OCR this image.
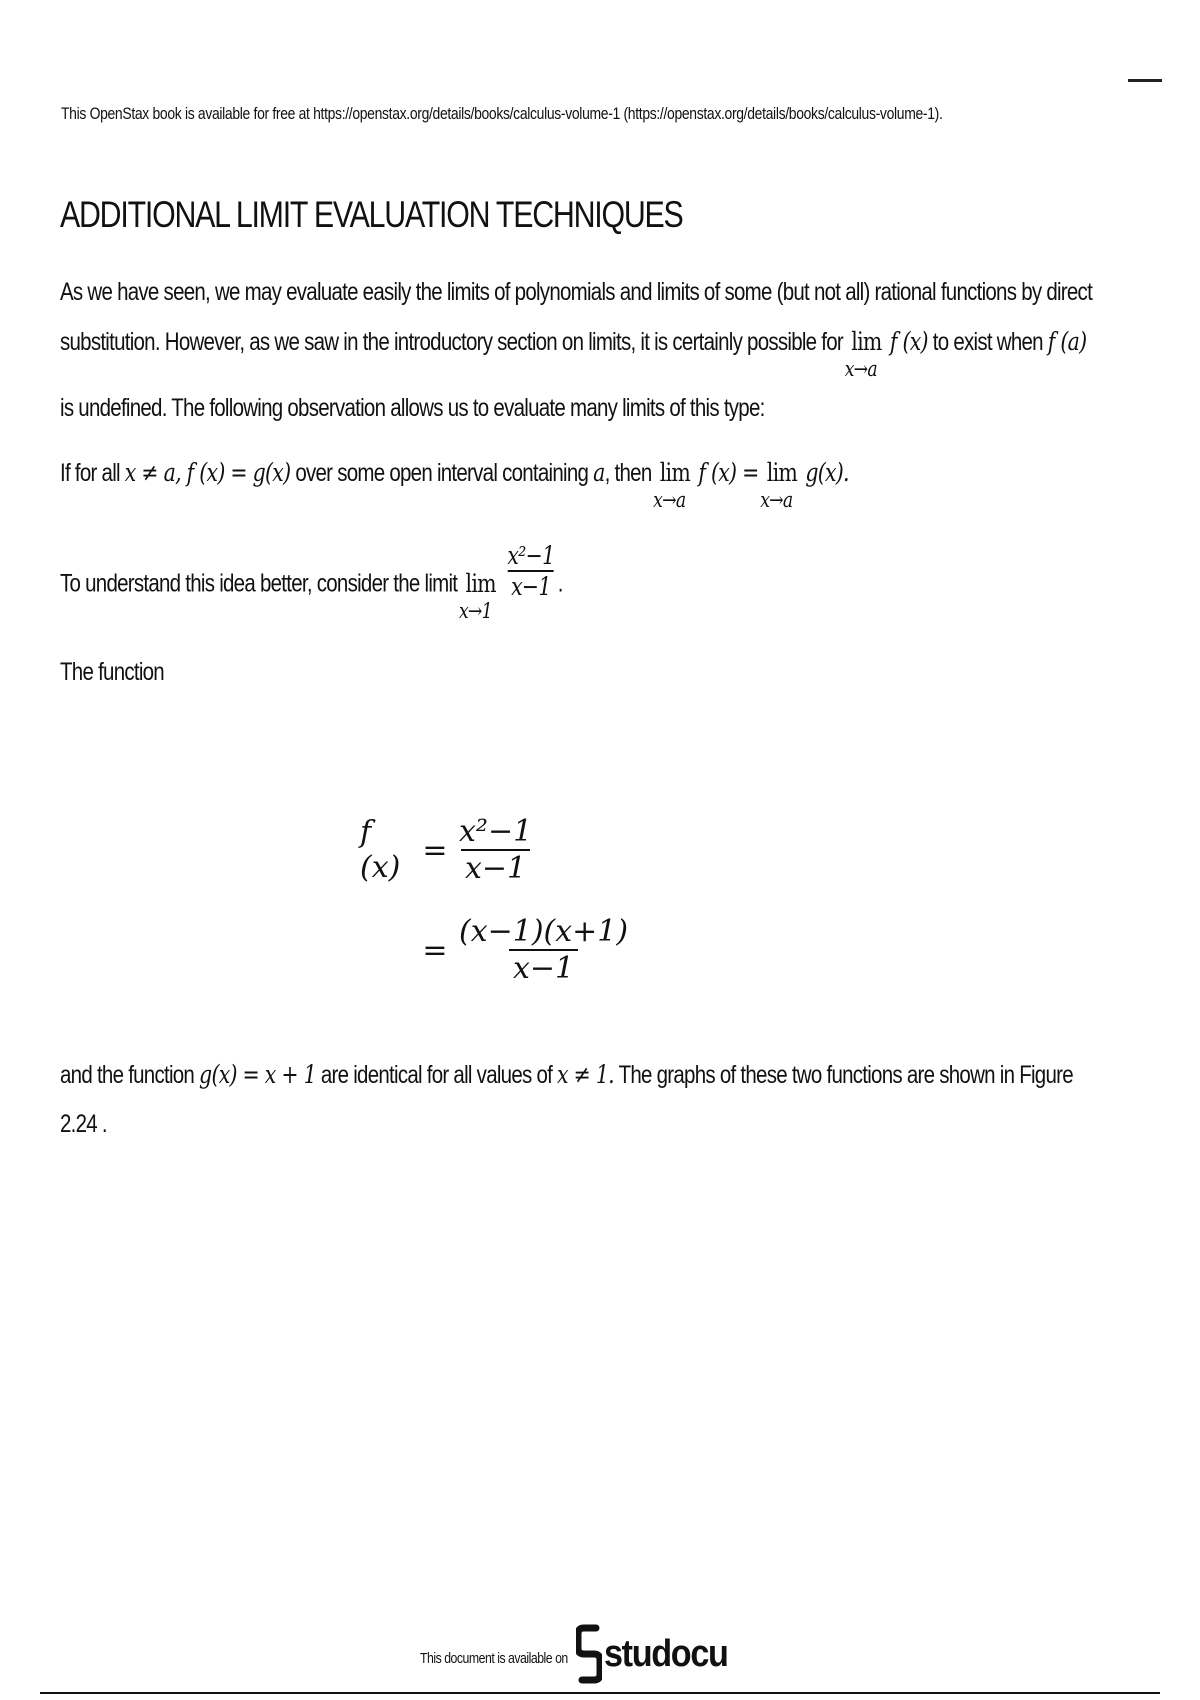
This OpenStax book is available for free at https://openstax.org/details/books/calculus-volume-1 (https://openstax.org/details/books/calculus-volume-1).
ADDITIONAL LIMIT EVALUATION TECHNIQUES
As we have seen, we may evaluate easily the limits of polynomials and limits of some (but not all) rational functions by direct
substitution. However, as we saw in the introductory section on limits, it is certainly possible for lim
x→a
f (x) to exist when f (a)
is undefined. The following observation allows us to evaluate many limits of this type:
If for all x ≠ a, f (x) = g(x) over some open interval containing a, then lim
x→a
f (x) = lim
x→a
g(x).
To understand this idea better, consider the limit lim
x→1

$\frac{\text{x²−1}}{x-1}$ .
The function
f $(x) = \frac{\text{x²−1}}{x-1}$
= $\frac{(x-1)(x+1)}{x-1}$
and the function g(x) = x + 1 are identical for all values of x ≠ 1. The graphs of these two functions are shown in Figure
2.24 .
This document is available on studocu
